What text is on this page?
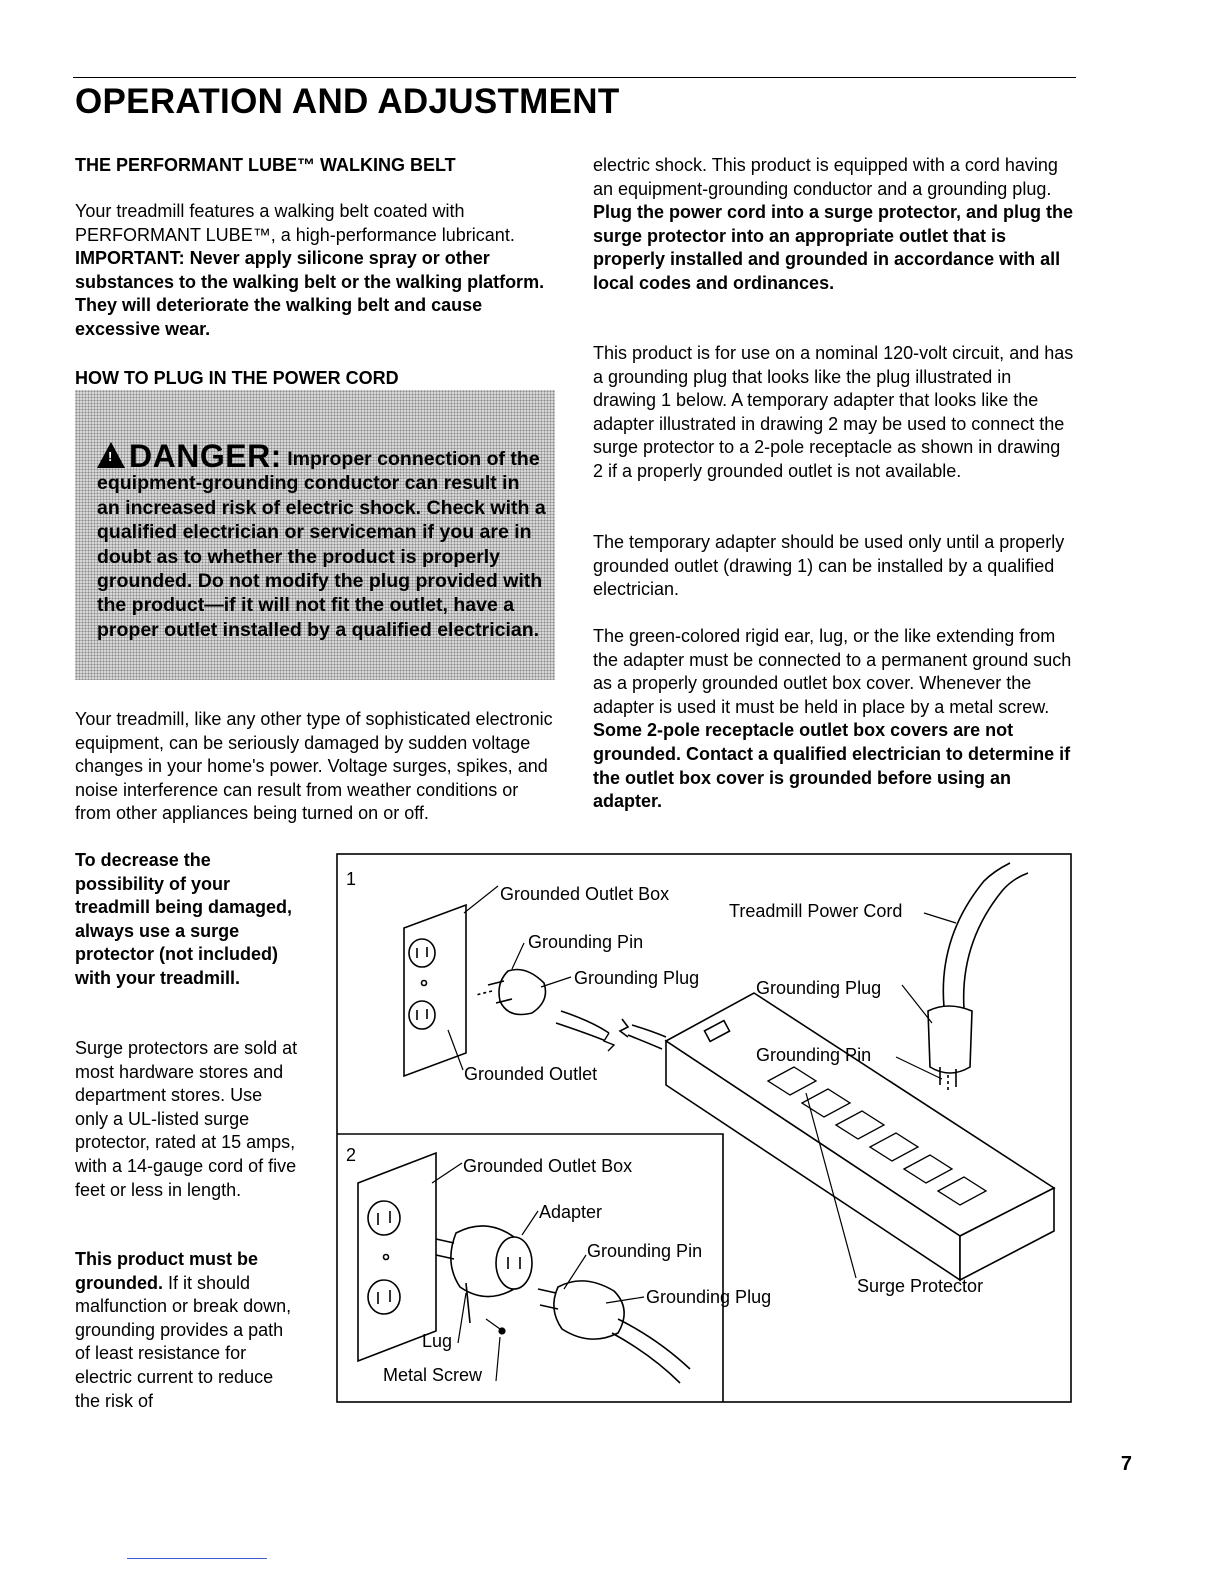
OPERATION AND ADJUSTMENT

THE PERFORMANT LUBE™ WALKING BELT

Your treadmill features a walking belt coated with PERFORMANT LUBE™, a high-performance lubricant. IMPORTANT: Never apply silicone spray or other substances to the walking belt or the walking platform. They will deteriorate the walking belt and cause excessive wear.

HOW TO PLUG IN THE POWER CORD

! DANGER: Improper connection of the equipment-grounding conductor can result in an increased risk of electric shock. Check with a qualified electrician or serviceman if you are in doubt as to whether the product is properly grounded. Do not modify the plug provided with the product—if it will not fit the outlet, have a proper outlet installed by a qualified electrician.

Your treadmill, like any other type of sophisticated electronic equipment, can be seriously damaged by sudden voltage changes in your home's power. Voltage surges, spikes, and noise interference can result from weather conditions or from other appliances being turned on or off.

To decrease the possibility of your treadmill being damaged, always use a surge protector (not included) with your treadmill.

Surge protectors are sold at most hardware stores and department stores. Use only a UL-listed surge protector, rated at 15 amps, with a 14-gauge cord of five feet or less in length.

This product must be grounded. If it should malfunction or break down, grounding provides a path of least resistance for electric current to reduce the risk of

electric shock. This product is equipped with a cord having an equipment-grounding conductor and a grounding plug. Plug the power cord into a surge protector, and plug the surge protector into an appropriate outlet that is properly installed and grounded in accordance with all local codes and ordinances.

This product is for use on a nominal 120-volt circuit, and has a grounding plug that looks like the plug illustrated in drawing 1 below. A temporary adapter that looks like the adapter illustrated in drawing 2 may be used to connect the surge protector to a 2-pole receptacle as shown in drawing 2 if a properly grounded outlet is not available.

The temporary adapter should be used only until a properly grounded outlet (drawing 1) can be installed by a qualified electrician.

The green-colored rigid ear, lug, or the like extending from the adapter must be connected to a permanent ground such as a properly grounded outlet box cover. Whenever the adapter is used it must be held in place by a metal screw. Some 2-pole receptacle outlet box covers are not grounded. Contact a qualified electrician to determine if the outlet box cover is grounded before using an adapter.

1
Grounded Outlet Box
Grounding Pin
Grounding Plug
Grounded Outlet
Treadmill Power Cord
Grounding Plug
Grounding Pin
Surge Protector
2
Grounded Outlet Box
Adapter
Grounding Pin
Grounding Plug
Lug
Metal Screw
7
